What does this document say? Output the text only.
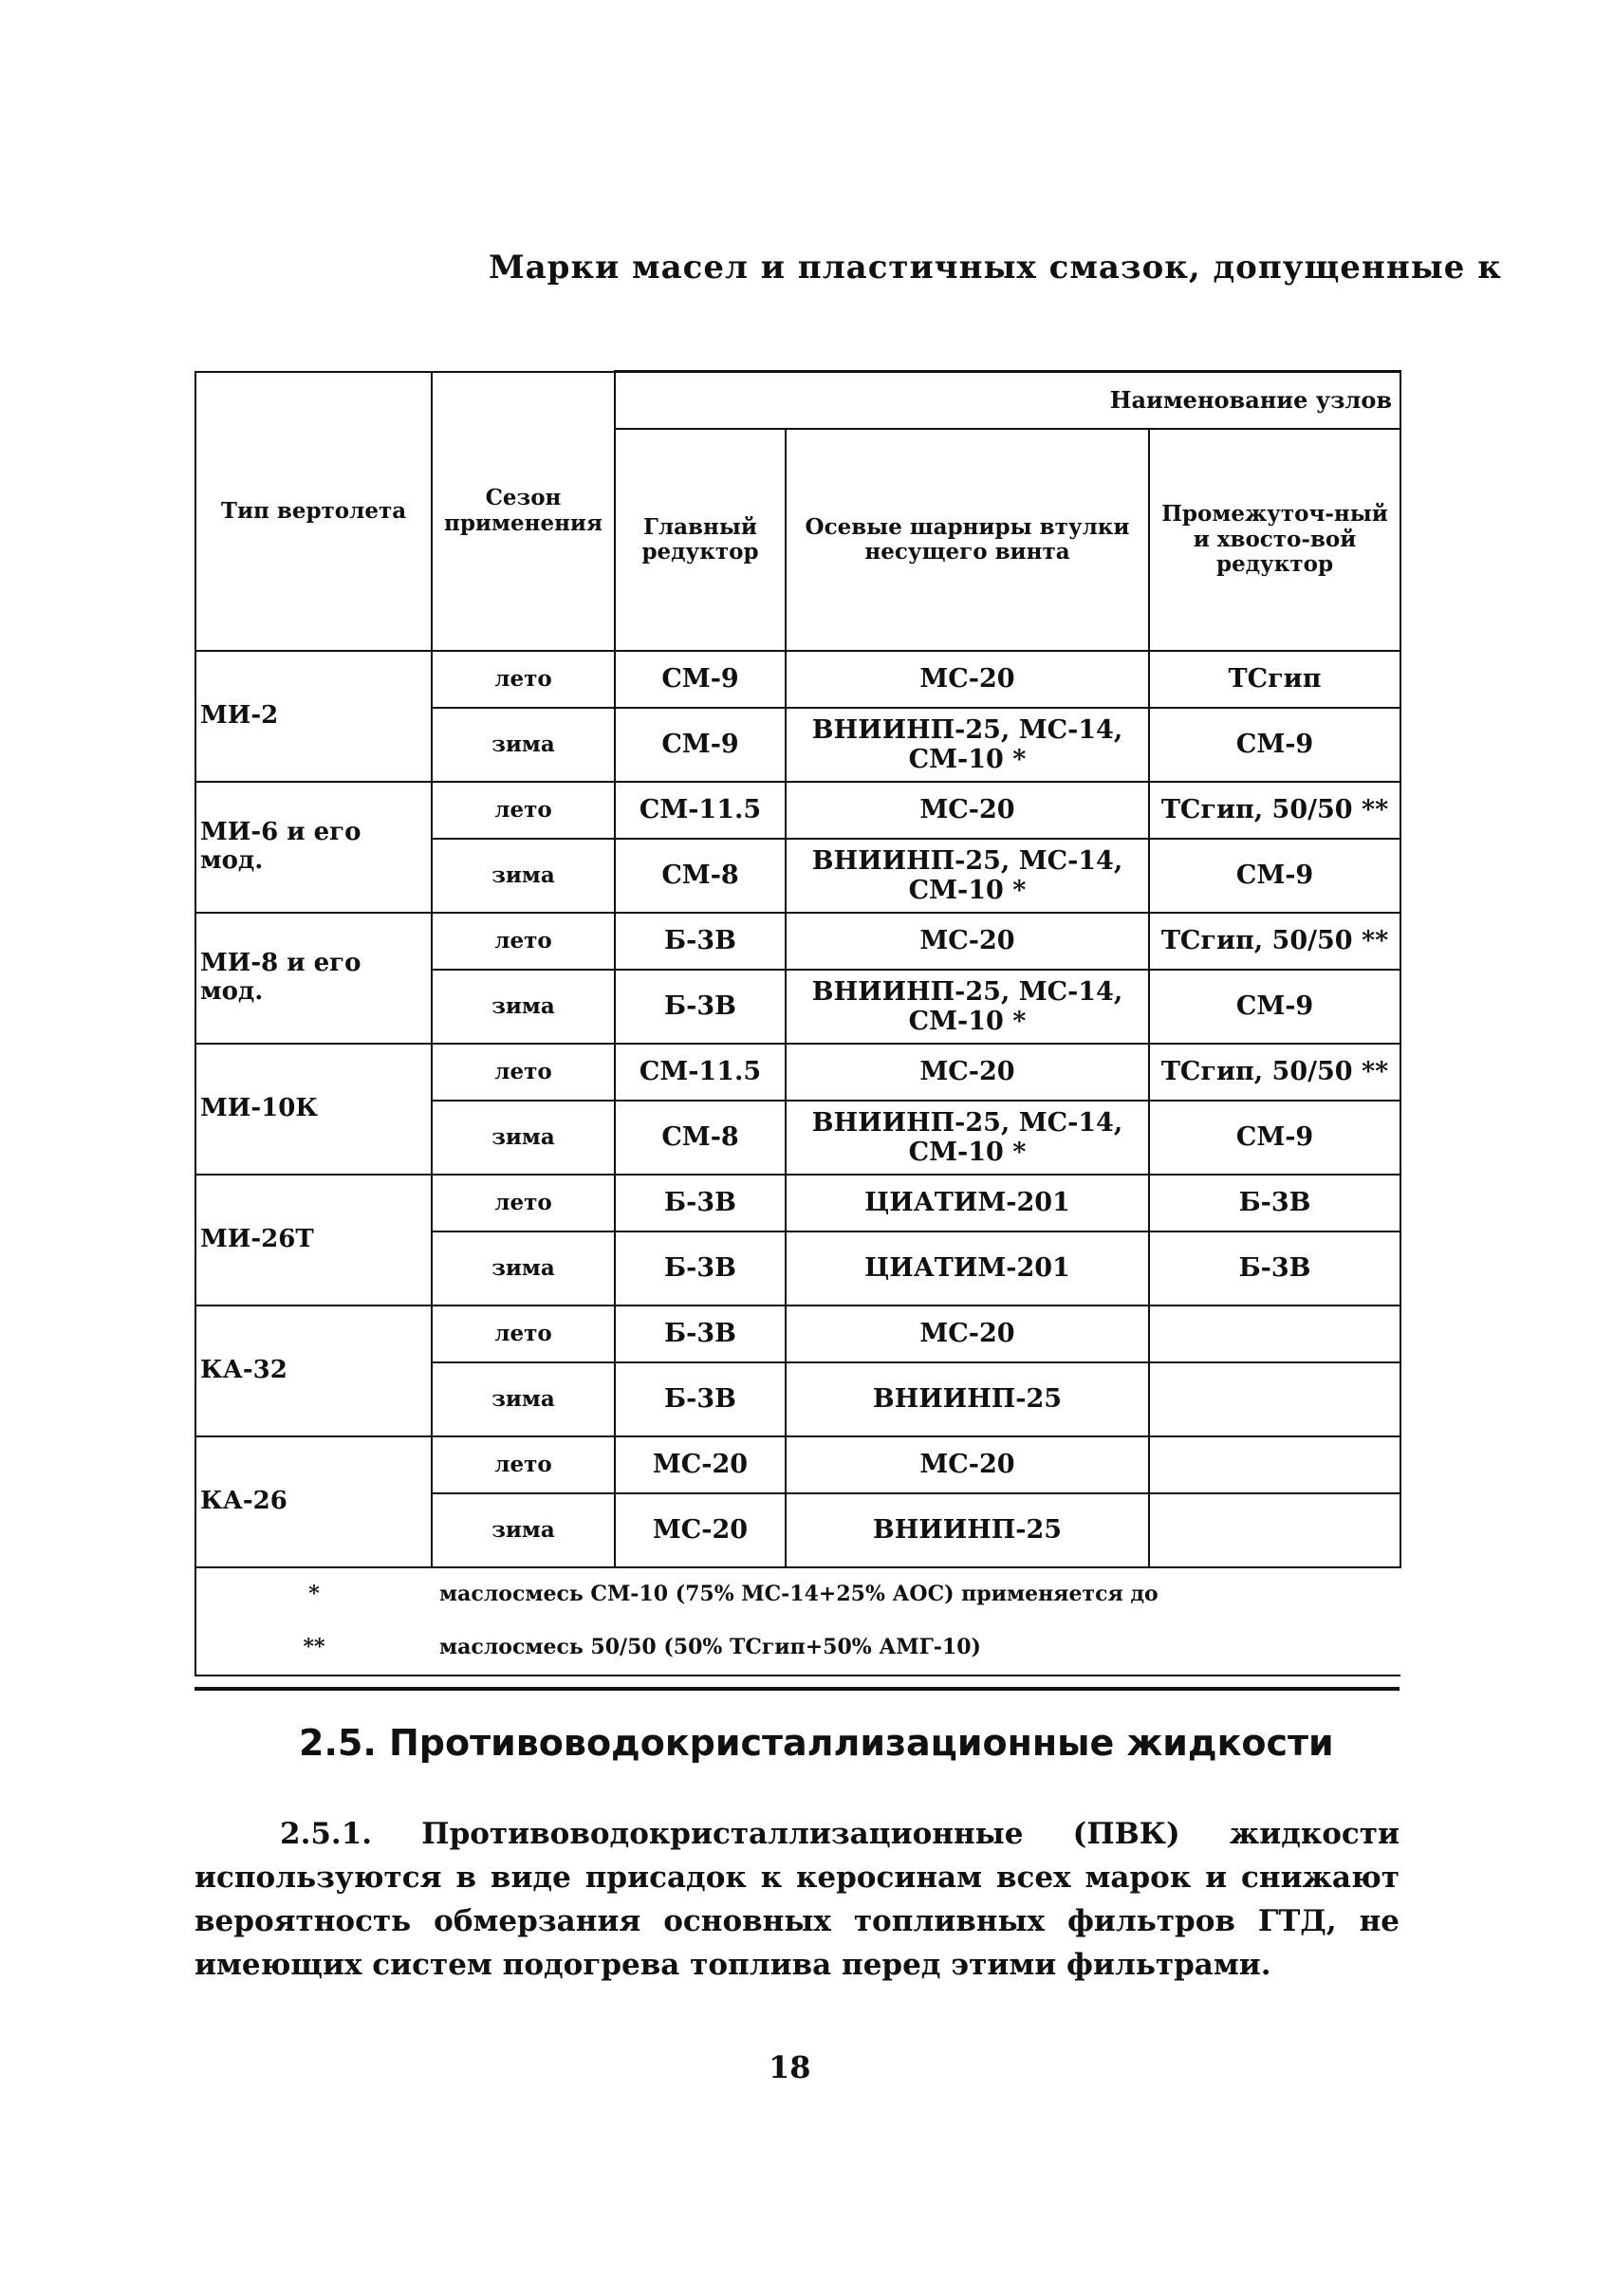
Марки масел и пластичных смазок, допущенные к
Тип вертолета	Сезон применения	Наименование узлов		
		Главный редуктор	Осевые шарниры втулки несущего винта	Промежуточ-ный и хвосто-вой редуктор
МИ-2	лето	СМ-9	МС-20	ТСгип
	зима	СМ-9	ВНИИНП-25, МС-14, СМ-10 *	СМ-9
МИ-6 и его мод.	лето	СМ-11.5	МС-20	ТСгип, 50/50 **
	зима	СМ-8	ВНИИНП-25, МС-14, СМ-10 *	СМ-9
МИ-8 и его мод.	лето	Б-3В	МС-20	ТСгип, 50/50 **
	зима	Б-3В	ВНИИНП-25, МС-14, СМ-10 *	СМ-9
МИ-10К	лето	СМ-11.5	МС-20	ТСгип, 50/50 **
	зима	СМ-8	ВНИИНП-25, МС-14, СМ-10 *	СМ-9
МИ-26Т	лето	Б-3В	ЦИАТИМ-201	Б-3В
	зима	Б-3В	ЦИАТИМ-201	Б-3В
КА-32	лето	Б-3В	МС-20	
	зима	Б-3В	ВНИИНП-25	
КА-26	лето	МС-20	МС-20	
	зима	МС-20	ВНИИНП-25	
*	маслосмесь СМ-10 (75% МС-14+25% АОС) применяется до			
**	маслосмесь 50/50 (50% ТСгип+50% АМГ-10)			
2.5. Противоводокристаллизационные жидкости
2.5.1. Противоводокристаллизационные (ПВК) жидкости используются в виде присадок к керосинам всех марок и снижают вероятность обмерзания основных топливных фильтров ГТД, не имеющих систем подогрева топлива перед этими фильтрами.
18
